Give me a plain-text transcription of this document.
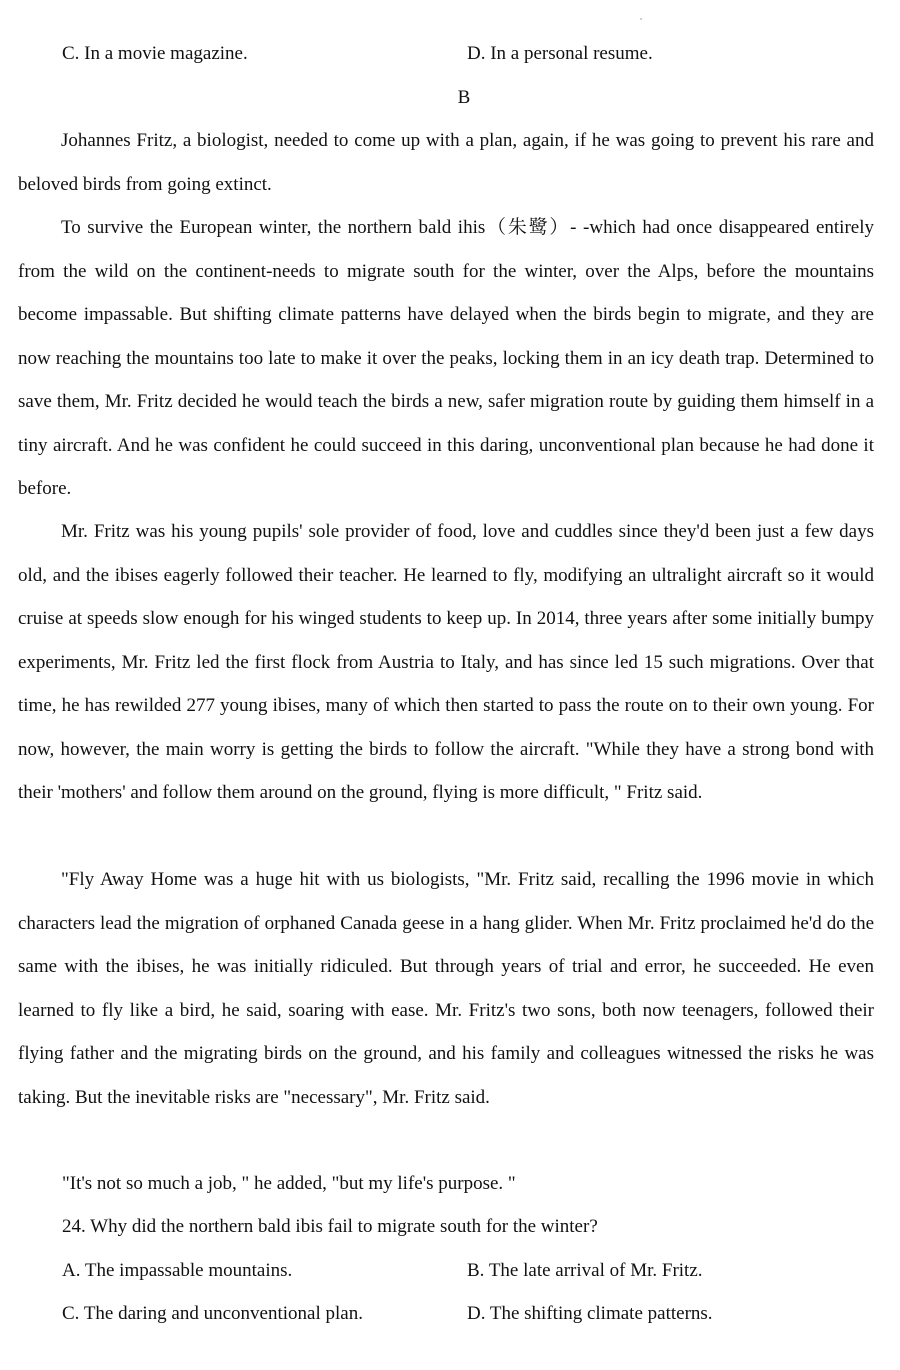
C. In a movie magazine.	D. In a personal resume.
B

Johannes Fritz, a biologist, needed to come up with a plan, again, if he was going to prevent his rare and beloved birds from going extinct.

To survive the European winter, the northern bald ihis（朱鹭）- -which had once disappeared entirely from the wild on the continent-needs to migrate south for the winter, over the Alps, before the mountains become impassable. But shifting climate patterns have delayed when the birds begin to migrate, and they are now reaching the mountains too late to make it over the peaks, locking them in an icy death trap. Determined to save them, Mr. Fritz decided he would teach the birds a new, safer migration route by guiding them himself in a tiny aircraft. And he was confident he could succeed in this daring, unconventional plan because he had done it before.

Mr. Fritz was his young pupils' sole provider of food, love and cuddles since they'd been just a few days old, and the ibises eagerly followed their teacher. He learned to fly, modifying an ultralight aircraft so it would cruise at speeds slow enough for his winged students to keep up. In 2014, three years after some initially bumpy experiments, Mr. Fritz led the first flock from Austria to Italy, and has since led 15 such migrations. Over that time, he has rewilded 277 young ibises, many of which then started to pass the route on to their own young. For now, however, the main worry is getting the birds to follow the aircraft. "While they have a strong bond with their 'mothers' and follow them around on the ground, flying is more difficult, " Fritz said.

"Fly Away Home was a huge hit with us biologists, "Mr. Fritz said, recalling the 1996 movie in which characters lead the migration of orphaned Canada geese in a hang glider. When Mr. Fritz proclaimed he'd do the same with the ibises, he was initially ridiculed. But through years of trial and error, he succeeded. He even learned to fly like a bird, he said, soaring with ease. Mr. Fritz's two sons, both now teenagers, followed their flying father and the migrating birds on the ground, and his family and colleagues witnessed the risks he was taking. But the inevitable risks are "necessary", Mr. Fritz said.

"It's not so much a job, " he added, "but my life's purpose. "
24. Why did the northern bald ibis fail to migrate south for the winter?
A. The impassable mountains.	B. The late arrival of Mr. Fritz.
C. The daring and unconventional plan.	D. The shifting climate patterns.
